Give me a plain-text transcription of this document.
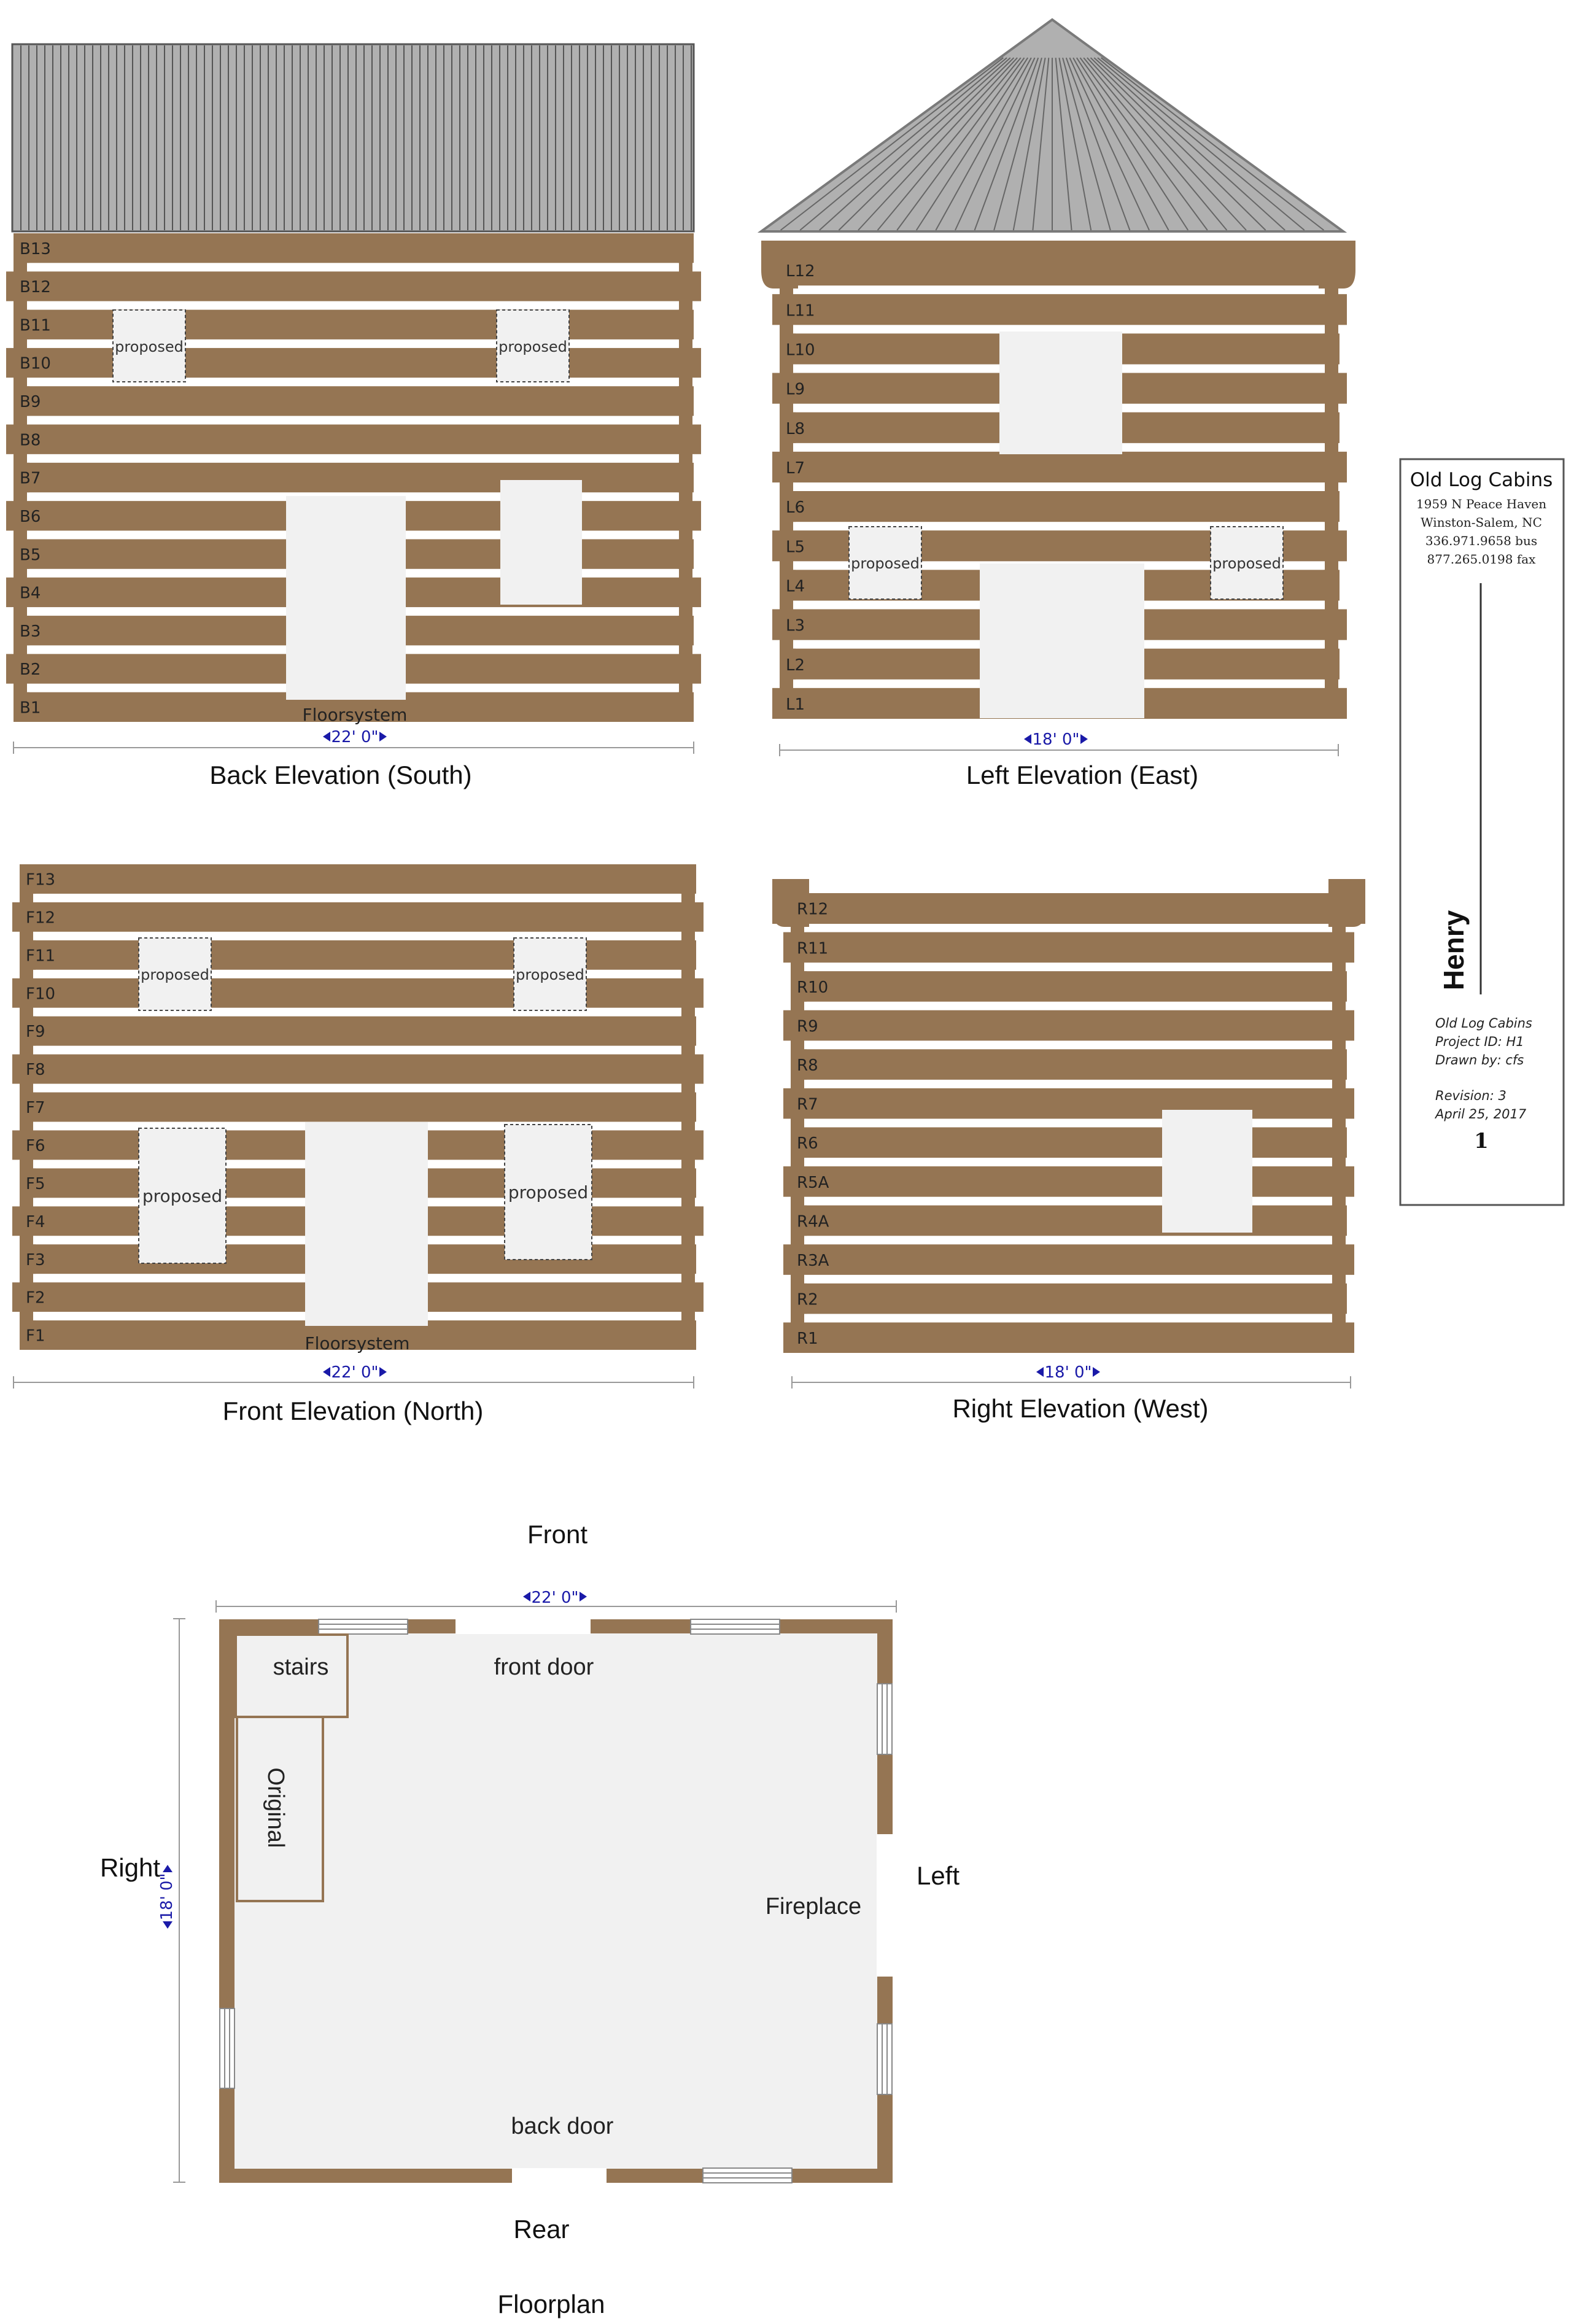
B13
B12
B11
B10
B9
B8
B7
B6
B5
B4
B3
B2
B1
proposed	proposed
Floorsystem
22' 0"
Back Elevation (South)
L12
L11
L10
L9
L8
L7
L6
L5
L4
L3
L2
L1
proposed	proposed
18' 0"
Left Elevation (East)
F13
F12
F11
F10
F9
F8
F7
F6
F5
F4
F3
F2
F1
proposed	proposed
proposed	proposed
Floorsystem
22' 0"
Front Elevation (North)
R12
R11
R10
R9
R8
R7
R6
R5A
R4A
R3A
R2
R1
18' 0"
Right Elevation (West)
Front
22' 0"
18' 0"
stairs
Original
front door
back door
Fireplace
Right	Left
Rear
Floorplan
Old Log Cabins
1959 N Peace Haven
Winston-Salem, NC
336.971.9658 bus
877.265.0198 fax
Henry
Old Log Cabins
Project ID: H1
Drawn by: cfs
Revision: 3
April 25, 2017
1
